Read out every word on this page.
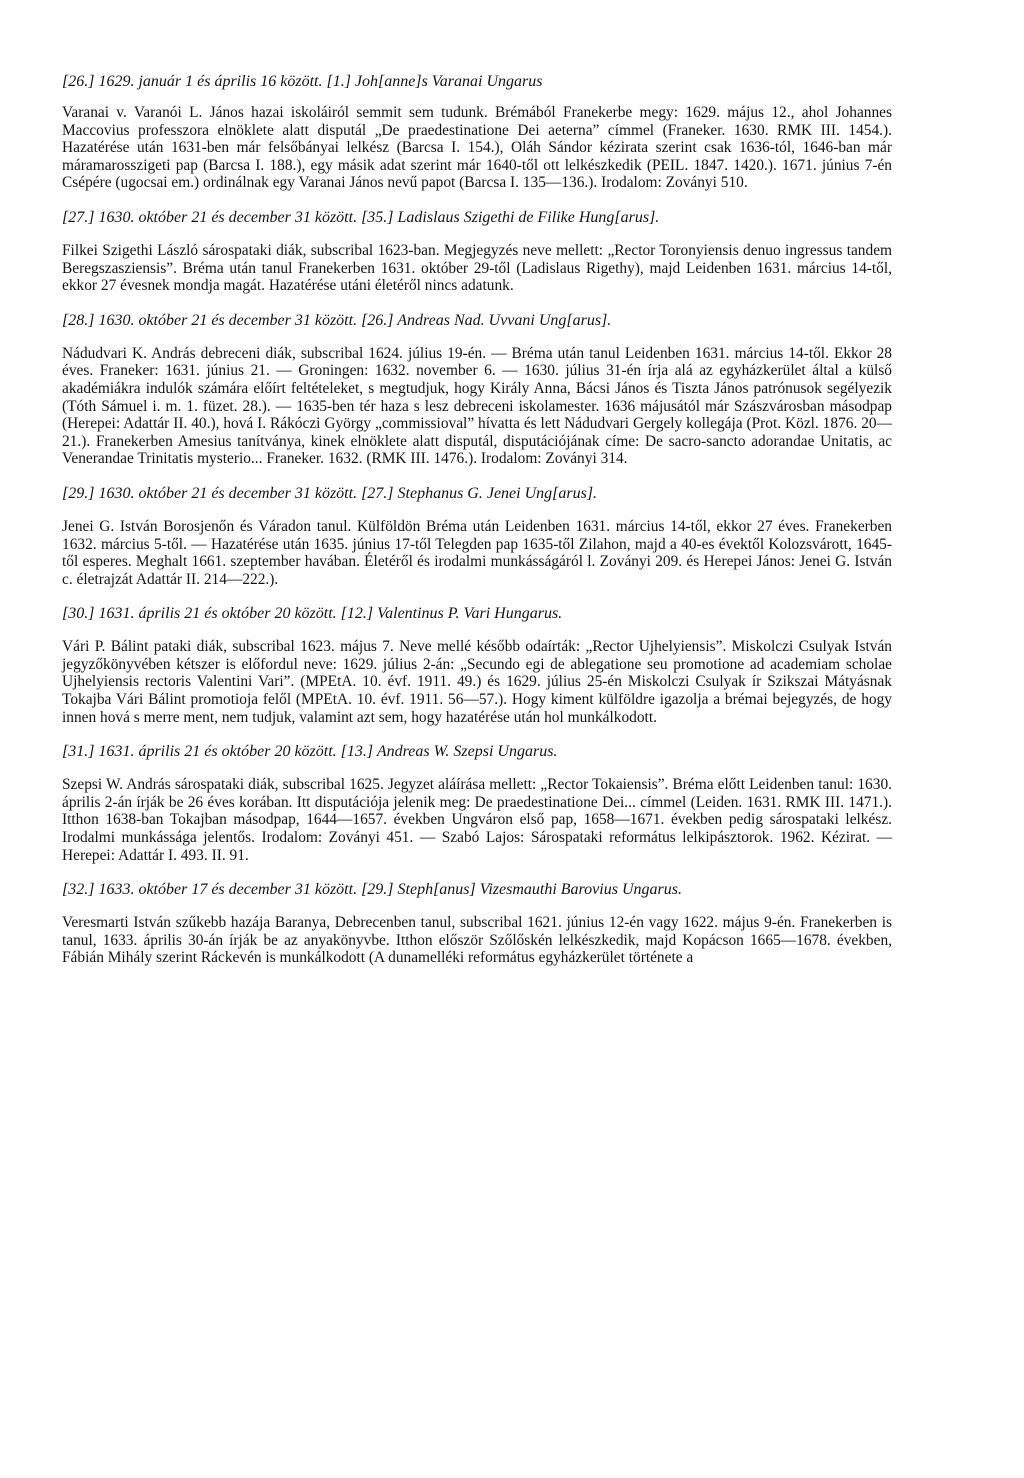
[26.] 1629. január 1 és április 16 között. [1.] Joh[anne]s Varanai Ungarus

Varanai v. Varanói L. János hazai iskoláiról semmit sem tudunk. Brémából Franekerbe megy: 1629. május 12., ahol Johannes Maccovius professzora elnöklete alatt disputál „De praedestinatione Dei aeterna” címmel (Franeker. 1630. RMK III. 1454.). Hazatérése után 1631-ben már felsőbányai lelkész (Barcsa I. 154.), Oláh Sándor kézirata szerint csak 1636-tól, 1646-ban már máramarosszigeti pap (Barcsa I. 188.), egy másik adat szerint már 1640-től ott lelkészkedik (PEIL. 1847. 1420.). 1671. június 7-én Csépére (ugocsai em.) ordinálnak egy Varanai János nevű papot (Barcsa I. 135—136.). Irodalom: Zoványi 510.

[27.] 1630. október 21 és december 31 között. [35.] Ladislaus Szigethi de Filike Hung[arus].

Filkei Szigethi László sárospataki diák, subscribal 1623-ban. Megjegyzés neve mellett: „Rector Toronyiensis denuo ingressus tandem Beregszasziensis”. Bréma után tanul Franekerben 1631. október 29-től (Ladislaus Rigethy), majd Leidenben 1631. március 14-től, ekkor 27 évesnek mondja magát. Hazatérése utáni életéről nincs adatunk.

[28.] 1630. október 21 és december 31 között. [26.] Andreas Nad. Uvvani Ung[arus].

Nádudvari K. András debreceni diák, subscribal 1624. július 19-én. — Bréma után tanul Leidenben 1631. március 14-től. Ekkor 28 éves. Franeker: 1631. június 21. — Groningen: 1632. november 6. — 1630. július 31-én írja alá az egyházkerület által a külső akadémiákra indulók számára előírt feltételeket, s megtudjuk, hogy Király Anna, Bácsi János és Tiszta János patrónusok segélyezik (Tóth Sámuel i. m. 1. füzet. 28.). — 1635-ben tér haza s lesz debreceni iskolamester. 1636 májusától már Szászvárosban másodpap (Herepei: Adattár II. 40.), hová I. Rákóczi György „commissioval” hívatta és lett Nádudvari Gergely kollegája (Prot. Közl. 1876. 20—21.). Franekerben Amesius tanítványa, kinek elnöklete alatt disputál, disputációjának címe: De sacro-sancto adorandae Unitatis, ac Venerandae Trinitatis mysterio... Franeker. 1632. (RMK III. 1476.). Irodalom: Zoványi 314.

[29.] 1630. október 21 és december 31 között. [27.] Stephanus G. Jenei Ung[arus].

Jenei G. István Borosjenőn és Váradon tanul. Külföldön Bréma után Leidenben 1631. március 14-től, ekkor 27 éves. Franekerben 1632. március 5-től. — Hazatérése után 1635. június 17-től Telegden pap 1635-től Zilahon, majd a 40-es évektől Kolozsvárott, 1645-től esperes. Meghalt 1661. szeptember havában. Életéről és irodalmi munkásságáról l. Zoványi 209. és Herepei János: Jenei G. István c. életrajzát Adattár II. 214—222.).

[30.] 1631. április 21 és október 20 között. [12.] Valentinus P. Vari Hungarus.

Vári P. Bálint pataki diák, subscribal 1623. május 7. Neve mellé később odaírták: „Rector Ujhelyiensis”. Miskolczi Csulyak István jegyzőkönyvében kétszer is előfordul neve: 1629. július 2-án: „Secundo egi de ablegatione seu promotione ad academiam scholae Ujhelyiensis rectoris Valentini Vari”. (MPEtA. 10. évf. 1911. 49.) és 1629. július 25-én Miskolczi Csulyak ír Szikszai Mátyásnak Tokajba Vári Bálint promotioja felől (MPEtA. 10. évf. 1911. 56—57.). Hogy kiment külföldre igazolja a brémai bejegyzés, de hogy innen hová s merre ment, nem tudjuk, valamint azt sem, hogy hazatérése után hol munkálkodott.

[31.] 1631. április 21 és október 20 között. [13.] Andreas W. Szepsi Ungarus.

Szepsi W. András sárospataki diák, subscribal 1625. Jegyzet aláírása mellett: „Rector Tokaiensis”. Bréma előtt Leidenben tanul: 1630. április 2-án írják be 26 éves korában. Itt disputációja jelenik meg: De praedestinatione Dei... címmel (Leiden. 1631. RMK III. 1471.). Itthon 1638-ban Tokajban másodpap, 1644—1657. években Ungváron első pap, 1658—1671. években pedig sárospataki lelkész. Irodalmi munkássága jelentős. Irodalom: Zoványi 451. — Szabó Lajos: Sárospataki református lelkipásztorok. 1962. Kézirat. — Herepei: Adattár I. 493. II. 91.

[32.] 1633. október 17 és december 31 között. [29.] Steph[anus] Vizesmauthi Barovius Ungarus.

Veresmarti István szűkebb hazája Baranya, Debrecenben tanul, subscribal 1621. június 12-én vagy 1622. május 9-én. Franekerben is tanul, 1633. április 30-án írják be az anyakönyvbe. Itthon először Szőlőskén lelkészkedik, majd Kopácson 1665—1678. években, Fábián Mihály szerint Ráckevén is munkálkodott (A dunamelléki református egyházkerület története a
